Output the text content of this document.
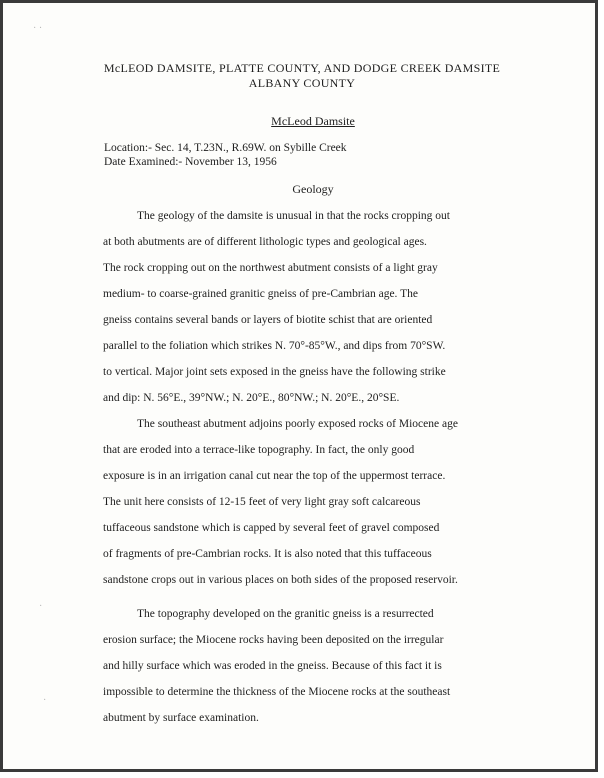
· ·
·
·
McLEOD DAMSITE, PLATTE COUNTY, AND DODGE CREEK DAMSITE
ALBANY COUNTY
McLeod Damsite
Location:- Sec. 14, T.23N., R.69W. on Sybille Creek
Date Examined:- November 13, 1956
Geology
The geology of the damsite is unusual in that the rocks cropping out
at both abutments are of different lithologic types and geological ages.
The rock cropping out on the northwest abutment consists of a light gray
medium- to coarse-grained granitic gneiss of pre-Cambrian age. The
gneiss contains several bands or layers of biotite schist that are oriented
parallel to the foliation which strikes N. 70°-85°W., and dips from 70°SW.
to vertical. Major joint sets exposed in the gneiss have the following strike
and dip: N. 56°E., 39°NW.; N. 20°E., 80°NW.; N. 20°E., 20°SE.
The southeast abutment adjoins poorly exposed rocks of Miocene age
that are eroded into a terrace-like topography. In fact, the only good
exposure is in an irrigation canal cut near the top of the uppermost terrace.
The unit here consists of 12-15 feet of very light gray soft calcareous
tuffaceous sandstone which is capped by several feet of gravel composed
of fragments of pre-Cambrian rocks. It is also noted that this tuffaceous
sandstone crops out in various places on both sides of the proposed reservoir.
The topography developed on the granitic gneiss is a resurrected
erosion surface; the Miocene rocks having been deposited on the irregular
and hilly surface which was eroded in the gneiss. Because of this fact it is
impossible to determine the thickness of the Miocene rocks at the southeast
abutment by surface examination.
